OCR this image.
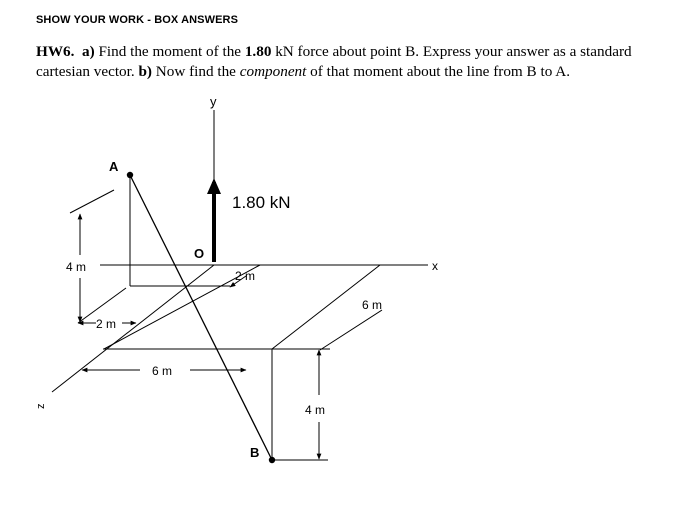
SHOW YOUR WORK - BOX ANSWERS
HW6. a) Find the moment of the 1.80 kN force about point B. Express your answer as a standard cartesian vector. b) Now find the component of that moment about the line from B to A.
y
1.80 kN
O
x
z
A
B
4 m
2 m
2 m
6 m
6 m
4 m
